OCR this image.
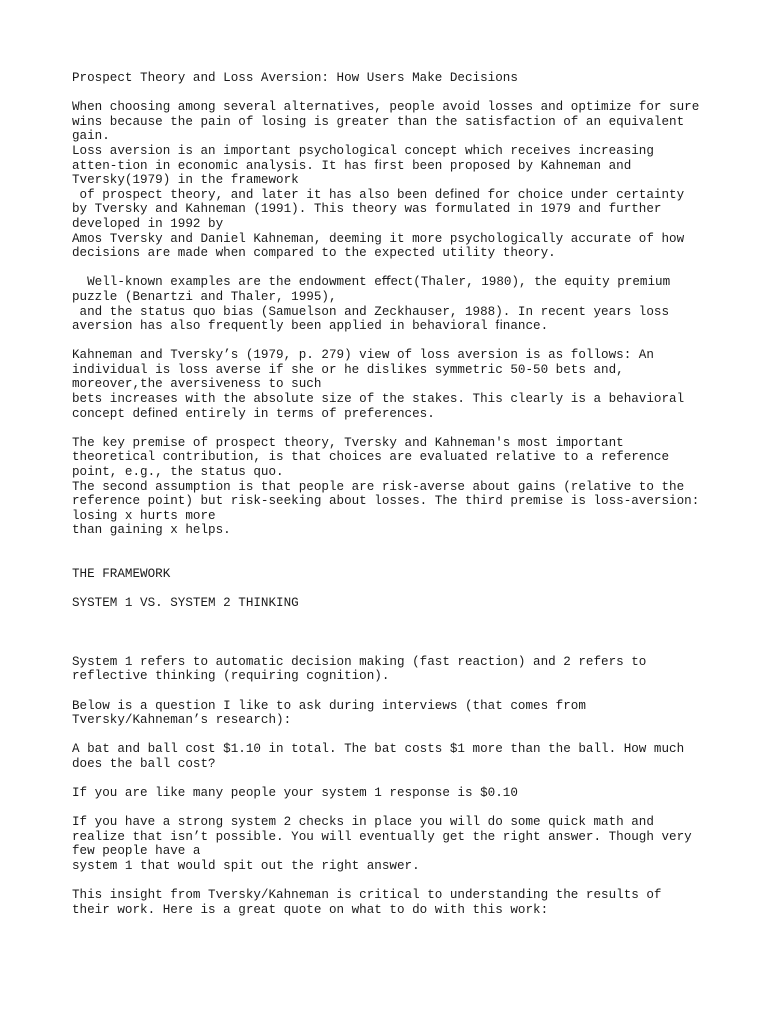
Prospect Theory and Loss Aversion: How Users Make Decisions
When choosing among several alternatives, people avoid losses and optimize for sure
wins because the pain of losing is greater than the satisfaction of an equivalent
gain.
Loss aversion is an important psychological concept which receives increasing
atten-tion in economic analysis. It has ﬁrst been proposed by Kahneman and
Tversky(1979) in the framework
of prospect theory, and later it has also been deﬁned for choice under certainty
by Tversky and Kahneman (1991). This theory was formulated in 1979 and further
developed in 1992 by
Amos Tversky and Daniel Kahneman, deeming it more psychologically accurate of how
decisions are made when compared to the expected utility theory.
Well-known examples are the endowment eﬀect(Thaler, 1980), the equity premium
puzzle (Benartzi and Thaler, 1995),
and the status quo bias (Samuelson and Zeckhauser, 1988). In recent years loss
aversion has also frequently been applied in behavioral ﬁnance.
Kahneman and Tversky’s (1979, p. 279) view of loss aversion is as follows: An
individual is loss averse if she or he dislikes symmetric 50-50 bets and,
moreover,the aversiveness to such
bets increases with the absolute size of the stakes. This clearly is a behavioral
concept deﬁned entirely in terms of preferences.
The key premise of prospect theory, Tversky and Kahneman's most important
theoretical contribution, is that choices are evaluated relative to a reference
point, e.g., the status quo.
The second assumption is that people are risk-averse about gains (relative to the
reference point) but risk-seeking about losses. The third premise is loss-aversion:
losing x hurts more
than gaining x helps.
THE FRAMEWORK
SYSTEM 1 VS. SYSTEM 2 THINKING
System 1 refers to automatic decision making (fast reaction) and 2 refers to
reflective thinking (requiring cognition).
Below is a question I like to ask during interviews (that comes from
Tversky/Kahneman’s research):
A bat and ball cost $1.10 in total. The bat costs $1 more than the ball. How much
does the ball cost?
If you are like many people your system 1 response is $0.10
If you have a strong system 2 checks in place you will do some quick math and
realize that isn’t possible. You will eventually get the right answer. Though very
few people have a
system 1 that would spit out the right answer.
This insight from Tversky/Kahneman is critical to understanding the results of
their work. Here is a great quote on what to do with this work:
